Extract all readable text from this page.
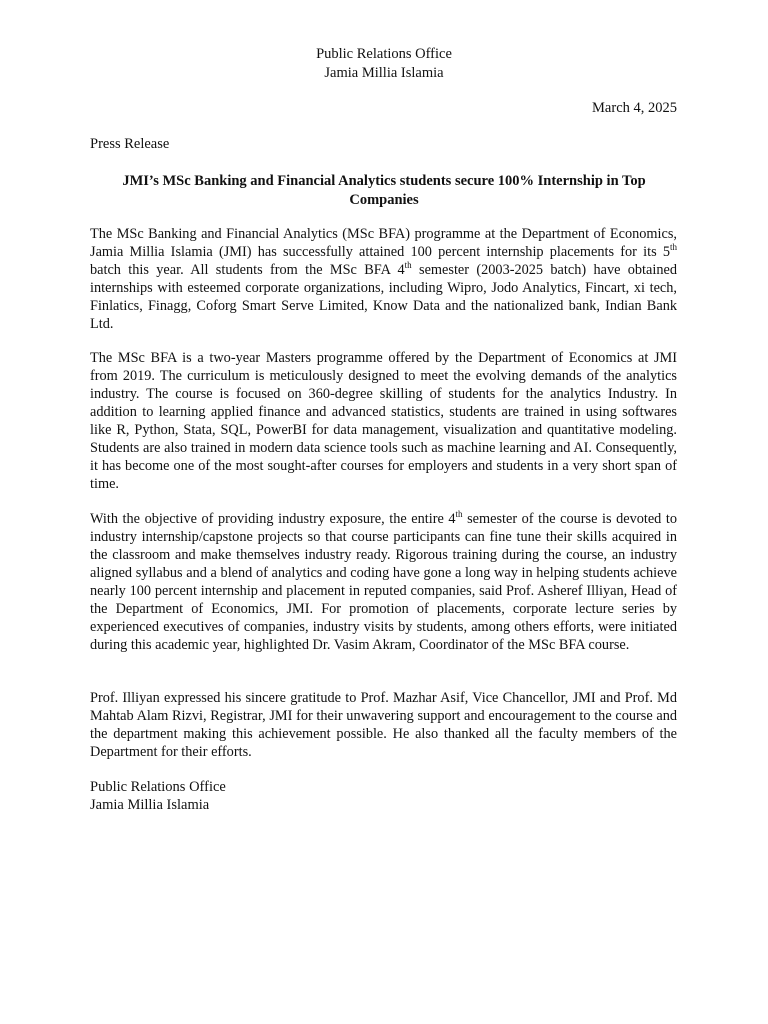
Public Relations Office
Jamia Millia Islamia
March 4, 2025
Press Release
JMI’s MSc Banking and Financial Analytics students secure 100% Internship in Top
Companies
The MSc Banking and Financial Analytics (MSc BFA) programme at the Department of Economics, Jamia Millia Islamia (JMI) has successfully attained 100 percent internship placements for its 5th batch this year. All students from the MSc BFA 4th semester (2003-2025 batch) have obtained internships with esteemed corporate organizations, including Wipro, Jodo Analytics, Fincart, xi tech, Finlatics, Finagg, Coforg Smart Serve Limited, Know Data and the nationalized bank, Indian Bank Ltd.
The MSc BFA is a two-year Masters programme offered by the Department of Economics at JMI from 2019. The curriculum is meticulously designed to meet the evolving demands of the analytics industry. The course is focused on 360-degree skilling of students for the analytics Industry. In addition to learning applied finance and advanced statistics, students are trained in using softwares like R, Python, Stata, SQL, PowerBI for data management, visualization and quantitative modeling. Students are also trained in modern data science tools such as machine learning and AI. Consequently, it has become one of the most sought-after courses for employers and students in a very short span of time.
With the objective of providing industry exposure, the entire 4th semester of the course is devoted to industry internship/capstone projects so that course participants can fine tune their skills acquired in the classroom and make themselves industry ready. Rigorous training during the course, an industry aligned syllabus and a blend of analytics and coding have gone a long way in helping students achieve nearly 100 percent internship and placement in reputed companies, said Prof. Asheref Illiyan, Head of the Department of Economics, JMI. For promotion of placements, corporate lecture series by experienced executives of companies, industry visits by students, among others efforts, were initiated during this academic year, highlighted Dr. Vasim Akram, Coordinator of the MSc BFA course.
Prof. Illiyan expressed his sincere gratitude to Prof. Mazhar Asif, Vice Chancellor, JMI and Prof. Md Mahtab Alam Rizvi, Registrar, JMI for their unwavering support and encouragement to the course and the department making this achievement possible. He also thanked all the faculty members of the Department for their efforts.
Public Relations Office
Jamia Millia Islamia
